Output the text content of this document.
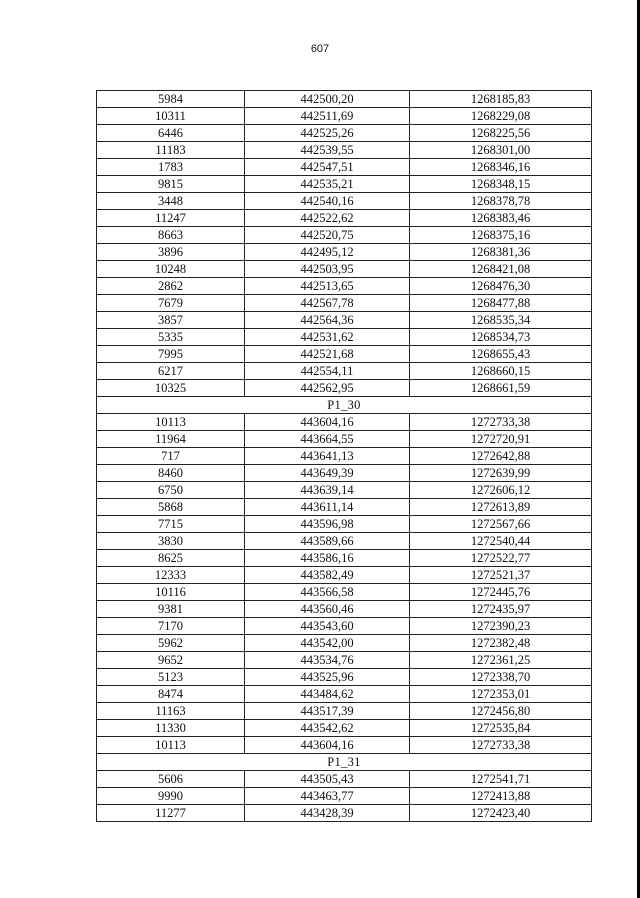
607
5984	442500,20	1268185,83
10311	442511,69	1268229,08
6446	442525,26	1268225,56
11183	442539,55	1268301,00
1783	442547,51	1268346,16
9815	442535,21	1268348,15
3448	442540,16	1268378,78
11247	442522,62	1268383,46
8663	442520,75	1268375,16
3896	442495,12	1268381,36
10248	442503,95	1268421,08
2862	442513,65	1268476,30
7679	442567,78	1268477,88
3857	442564,36	1268535,34
5335	442531,62	1268534,73
7995	442521,68	1268655,43
6217	442554,11	1268660,15
10325	442562,95	1268661,59
P1_30		
10113	443604,16	1272733,38
11964	443664,55	1272720,91
717	443641,13	1272642,88
8460	443649,39	1272639,99
6750	443639,14	1272606,12
5868	443611,14	1272613,89
7715	443596,98	1272567,66
3830	443589,66	1272540,44
8625	443586,16	1272522,77
12333	443582,49	1272521,37
10116	443566,58	1272445,76
9381	443560,46	1272435,97
7170	443543,60	1272390,23
5962	443542,00	1272382,48
9652	443534,76	1272361,25
5123	443525,96	1272338,70
8474	443484,62	1272353,01
11163	443517,39	1272456,80
11330	443542,62	1272535,84
10113	443604,16	1272733,38
P1_31		
5606	443505,43	1272541,71
9990	443463,77	1272413,88
11277	443428,39	1272423,40
